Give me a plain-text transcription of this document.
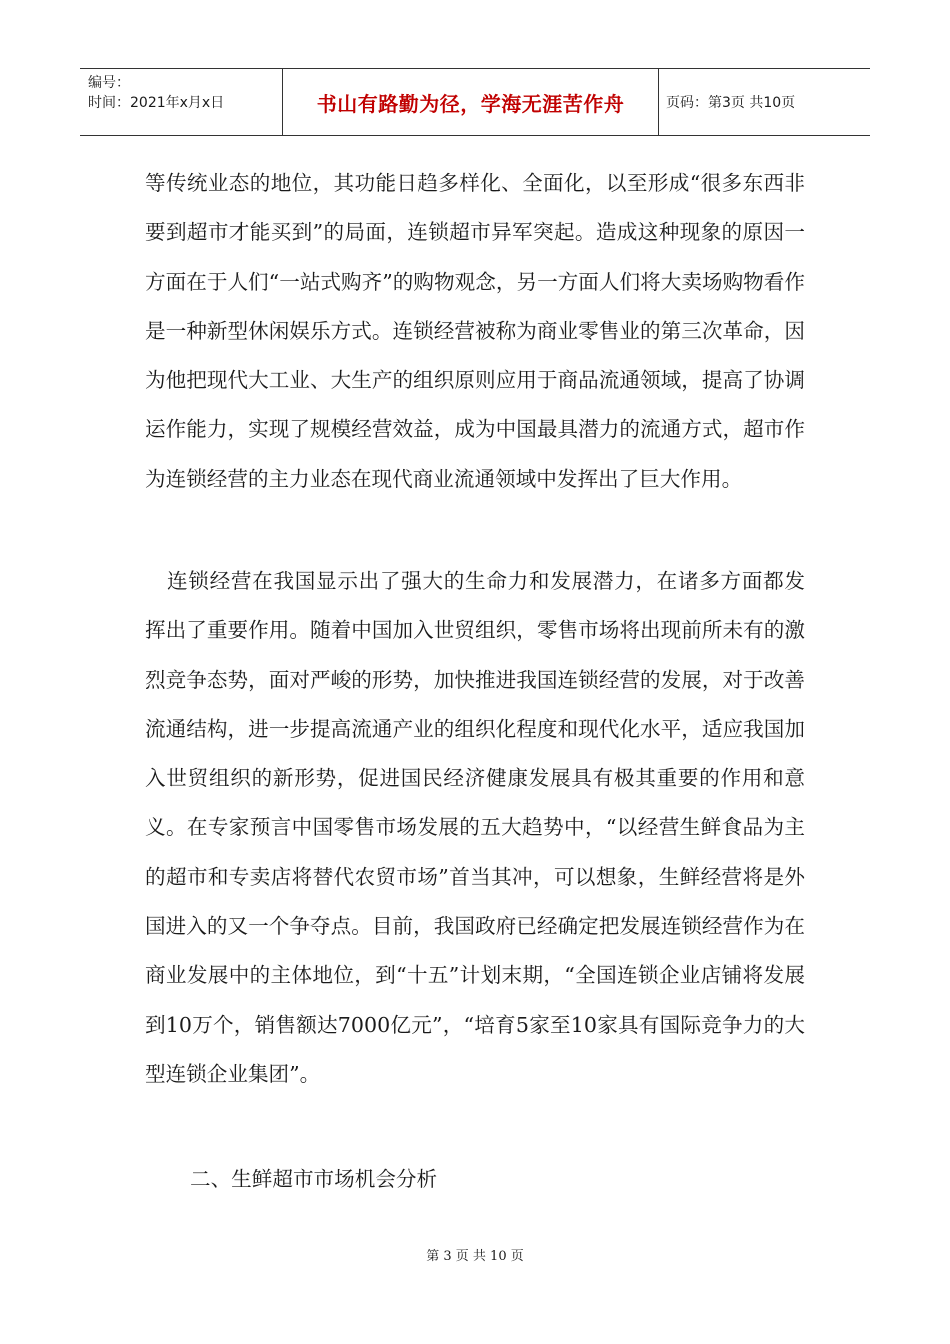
编号：
时间：2021年x月x日	书山有路勤为径，学海无涯苦作舟	页码：第3页 共10页

等传统业态的地位，其功能日趋多样化、全面化，以至形成“很多东西非要到超市才能买到”的局面，连锁超市异军突起。造成这种现象的原因一方面在于人们“一站式购齐”的购物观念，另一方面人们将大卖场购物看作是一种新型休闲娱乐方式。连锁经营被称为商业零售业的第三次革命，因为他把现代大工业、大生产的组织原则应用于商品流通领域，提高了协调运作能力，实现了规模经营效益，成为中国最具潜力的流通方式，超市作为连锁经营的主力业态在现代商业流通领域中发挥出了巨大作用。

连锁经营在我国显示出了强大的生命力和发展潜力，在诸多方面都发挥出了重要作用。随着中国加入世贸组织，零售市场将出现前所未有的激烈竞争态势，面对严峻的形势，加快推进我国连锁经营的发展，对于改善流通结构，进一步提高流通产业的组织化程度和现代化水平，适应我国加入世贸组织的新形势，促进国民经济健康发展具有极其重要的作用和意义。在专家预言中国零售市场发展的五大趋势中，“以经营生鲜食品为主的超市和专卖店将替代农贸市场”首当其冲，可以想象，生鲜经营将是外国进入的又一个争夺点。目前，我国政府已经确定把发展连锁经营作为在商业发展中的主体地位，到“十五”计划末期，“全国连锁企业店铺将发展到10万个，销售额达7000亿元”，“培育5家至10家具有国际竞争力的大型连锁企业集团”。

二、生鲜超市市场机会分析

第 3 页 共 10 页
